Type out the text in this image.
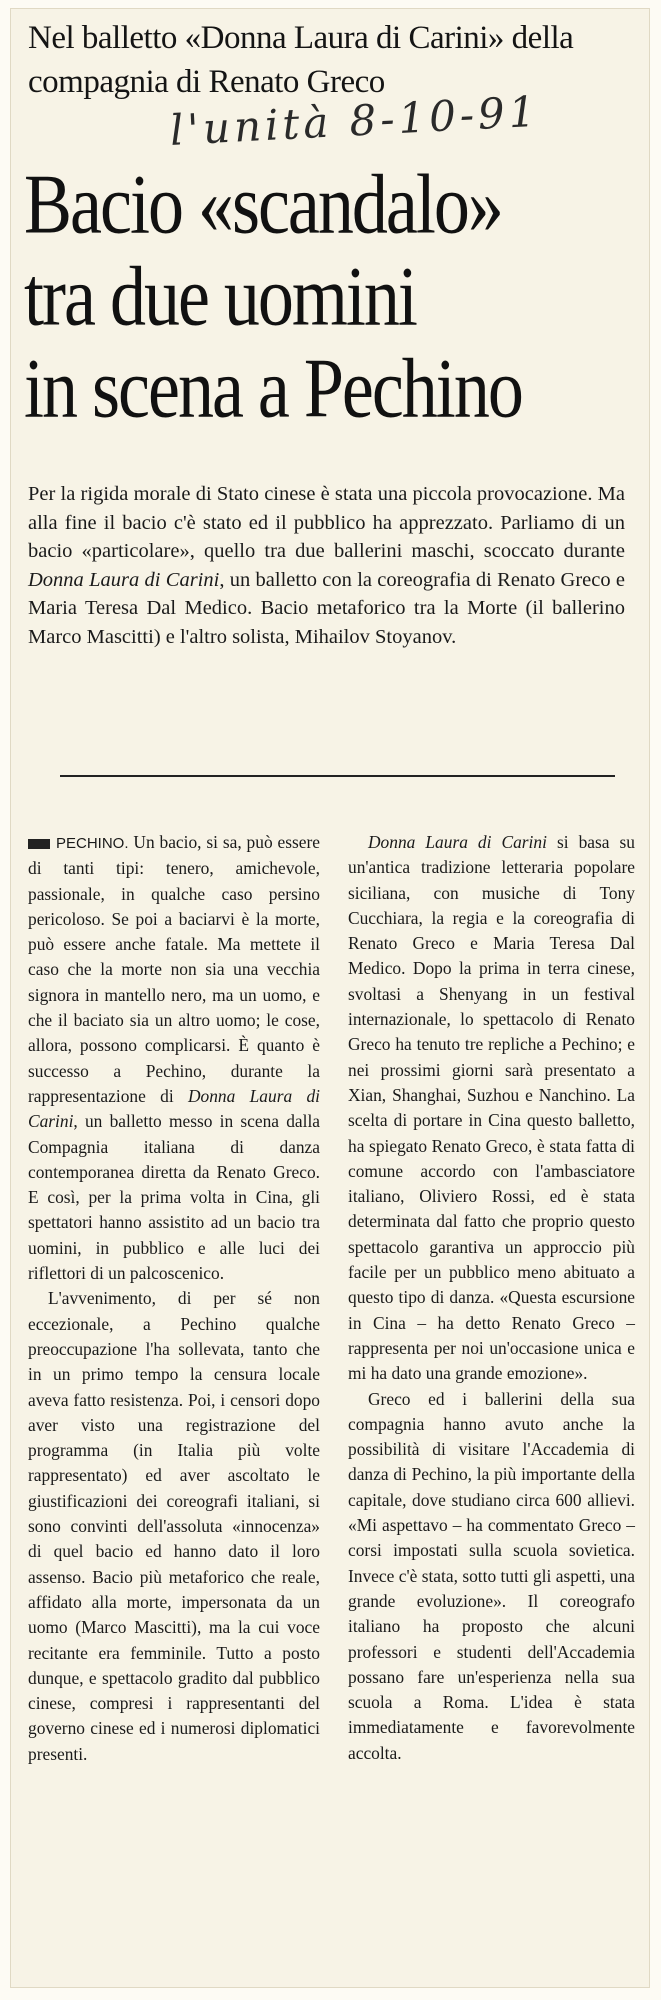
Nel balletto «Donna Laura di Carini» della compagnia di Renato Greco

l'unità 8-10-91
Bacio «scandalo»
tra due uomini
in scena a Pechino

Per la rigida morale di Stato cinese è stata una piccola provocazione. Ma alla fine il bacio c'è stato ed il pubblico ha apprezzato. Parliamo di un bacio «particolare», quello tra due ballerini maschi, scoccato durante Donna Laura di Carini, un balletto con la coreografia di Renato Greco e Maria Teresa Dal Medico. Bacio metaforico tra la Morte (il ballerino Marco Mascitti) e l'altro solista, Mihailov Stoyanov.

PECHINO. Un bacio, si sa, può essere di tanti tipi: tenero, amichevole, passionale, in qualche caso persino pericoloso. Se poi a baciarvi è la morte, può essere anche fatale. Ma mettete il caso che la morte non sia una vecchia signora in mantello nero, ma un uomo, e che il baciato sia un altro uomo; le cose, allora, possono complicarsi. È quanto è successo a Pechino, durante la rappresentazione di Donna Laura di Carini, un balletto messo in scena dalla Compagnia italiana di danza contemporanea diretta da Renato Greco. E così, per la prima volta in Cina, gli spettatori hanno assistito ad un bacio tra uomini, in pubblico e alle luci dei riflettori di un palcoscenico.

L'avvenimento, di per sé non eccezionale, a Pechino qualche preoccupazione l'ha sollevata, tanto che in un primo tempo la censura locale aveva fatto resistenza. Poi, i censori dopo aver visto una registrazione del programma (in Italia più volte rappresentato) ed aver ascoltato le giustificazioni dei coreografi italiani, si sono convinti dell'assoluta «innocenza» di quel bacio ed hanno dato il loro assenso. Bacio più metaforico che reale, affidato alla morte, impersonata da un uomo (Marco Mascitti), ma la cui voce recitante era femminile. Tutto a posto dunque, e spettacolo gradito dal pubblico cinese, compresi i rappresentanti del governo cinese ed i numerosi diplomatici presenti.

Donna Laura di Carini si basa su un'antica tradizione letteraria popolare siciliana, con musiche di Tony Cucchiara, la regia e la coreografia di Renato Greco e Maria Teresa Dal Medico. Dopo la prima in terra cinese, svoltasi a Shenyang in un festival internazionale, lo spettacolo di Renato Greco ha tenuto tre repliche a Pechino; e nei prossimi giorni sarà presentato a Xian, Shanghai, Suzhou e Nanchino. La scelta di portare in Cina questo balletto, ha spiegato Renato Greco, è stata fatta di comune accordo con l'ambasciatore italiano, Oliviero Rossi, ed è stata determinata dal fatto che proprio questo spettacolo garantiva un approccio più facile per un pubblico meno abituato a questo tipo di danza. «Questa escursione in Cina – ha detto Renato Greco – rappresenta per noi un'occasione unica e mi ha dato una grande emozione».

Greco ed i ballerini della sua compagnia hanno avuto anche la possibilità di visitare l'Accademia di danza di Pechino, la più importante della capitale, dove studiano circa 600 allievi. «Mi aspettavo – ha commentato Greco – corsi impostati sulla scuola sovietica. Invece c'è stata, sotto tutti gli aspetti, una grande evoluzione». Il coreografo italiano ha proposto che alcuni professori e studenti dell'Accademia possano fare un'esperienza nella sua scuola a Roma. L'idea è stata immediatamente e favorevolmente accolta.
